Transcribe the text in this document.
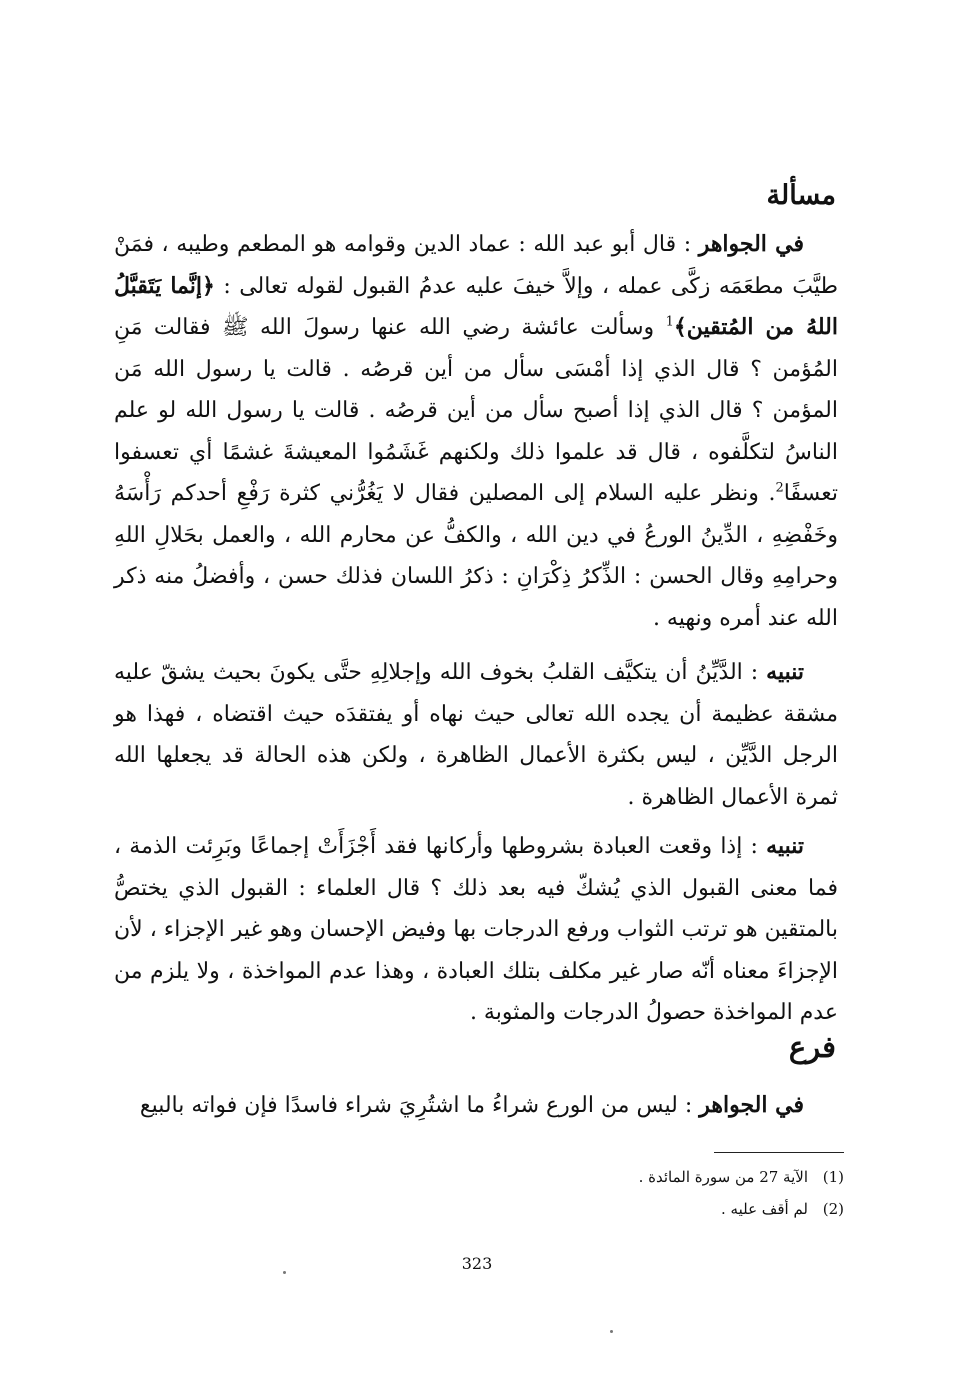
مسألة

في الجواهر : قال أبو عبد الله : عماد الدين وقوامه هو المطعم وطيبه ، فمَنْ طيَّبَ مطعَمَه زكَّى عمله ، وإلاَّ خيفَ عليه عدمُ القبول لقوله تعالى : ﴿إنَّما يَتَقبَّلُ اللهُ من المُتقين﴾$^1$ وسألت عائشة رضي الله عنها رسولَ الله ﷺ فقالت مَنِ المُؤمن ؟ قال الذي إذا أمْسَى سأل من أين قرصُه . قالت يا رسول الله مَن المؤمن ؟ قال الذي إذا أصبح سأل من أين قرصُه . قالت يا رسول الله لو علم الناسُ لتكلَّفوه ، قال قد علموا ذلك ولكنهم غَشَمُوا المعيشةَ غشمًا أي تعسفوا تعسفًا$^2$. ونظر عليه السلام إلى المصلين فقال لا يَغُرُّني كثرة رَفْعِ أحدكم رَأْسَهُ وخَفْضِهِ ، الدِّينُ الورعُ في دين الله ، والكفُّ عن محارم الله ، والعمل بحَلالِ اللهِ وحرامِهِ وقال الحسن : الذِّكرُ ذِكْرَانِ : ذكرُ اللسان فذلك حسن ، وأفضلُ منه ذكر الله عند أمره ونهيه .

تنبيه : الدَّيِّنُ أن يتكيَّف القلبُ بخوف الله وإجلالِهِ حتَّى يكونَ بحيث يشقّ عليه مشقة عظيمة أن يجده الله تعالى حيث نهاه أو يفتقدَه حيث اقتضاه ، فهذا هو الرجل الدَّيِّن ، ليس بكثرة الأعمال الظاهرة ، ولكن هذه الحالة قد يجعلها الله ثمرة الأعمال الظاهرة .

تنبيه : إذا وقعت العبادة بشروطها وأركانها فقد أَجْزَأَتْ إجماعًا وبَرِئت الذمة ، فما معنى القبول الذي يُشكّ فيه بعد ذلك ؟ قال العلماء : القبول الذي يختصُّ بالمتقين هو ترتب الثواب ورفع الدرجات بها وفيض الإحسان وهو غير الإجزاء ، لأن الإجزاءَ معناه أنّه صار غير مكلف بتلك العبادة ، وهذا عدم المواخذة ، ولا يلزم من عدم المواخذة حصولُ الدرجات والمثوبة .

فرع

في الجواهر : ليس من الورع شراءُ ما اشتُرِيَ شراء فاسدًا فإن فواته بالبيع

(1)الآية 27 من سورة المائدة .
(2)لم أقف عليه .
323
